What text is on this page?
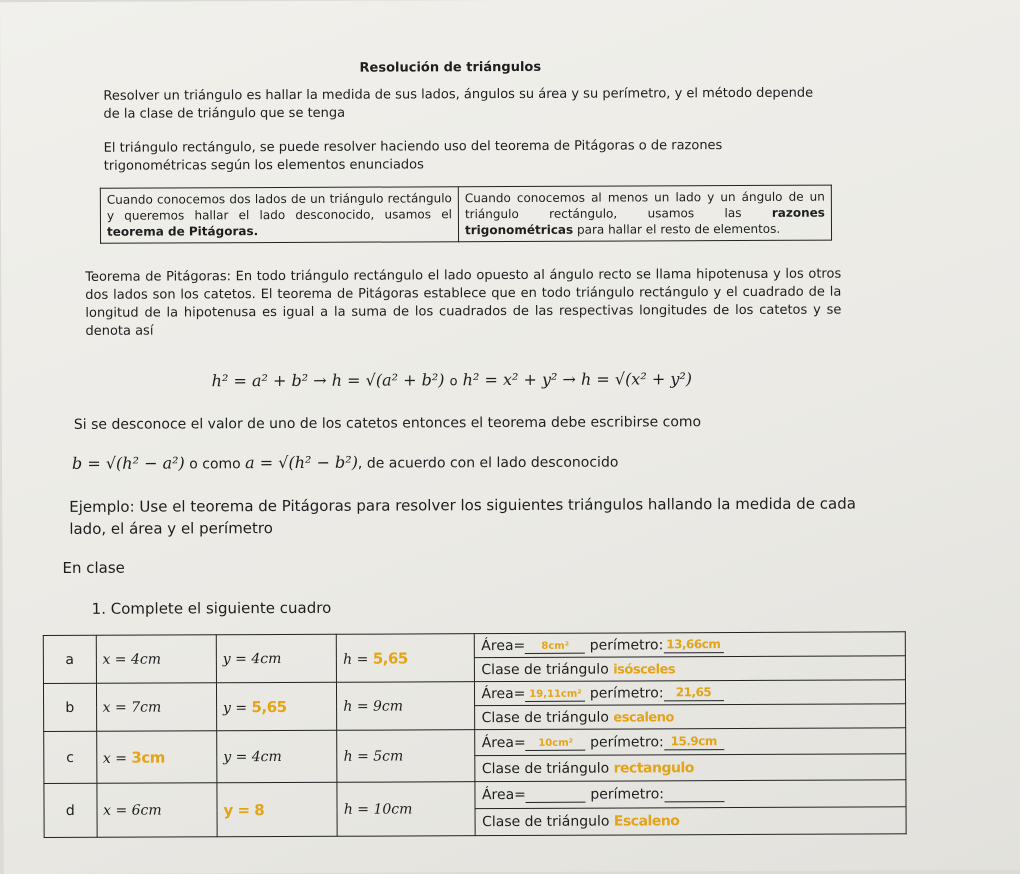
Resolución de triángulos
Resolver un triángulo es hallar la medida de sus lados, ángulos su área y su perímetro, y el método depende de la clase de triángulo que se tenga
El triángulo rectángulo, se puede resolver haciendo uso del teorema de Pitágoras o de razones trigonométricas según los elementos enunciados
Cuando conocemos dos lados de un triángulo rectángulo y queremos hallar el lado desconocido, usamos el teorema de Pitágoras.	Cuando conocemos al menos un lado y un ángulo de un triángulo rectángulo, usamos las razones trigonométricas para hallar el resto de elementos.
Teorema de Pitágoras: En todo triángulo rectángulo el lado opuesto al ángulo recto se llama hipotenusa y los otros dos lados son los catetos. El teorema de Pitágoras establece que en todo triángulo rectángulo y el cuadrado de la longitud de la hipotenusa es igual a la suma de los cuadrados de las respectivas longitudes de los catetos y se denota así
h² = a² + b² → h = √(a² + b²) o h² = x² + y² → h = √(x² + y²)
Si se desconoce el valor de uno de los catetos entonces el teorema debe escribirse como
b = √(h² − a²) o como a = √(h² − b²), de acuerdo con el lado desconocido
Ejemplo: Use el teorema de Pitágoras para resolver los siguientes triángulos hallando la medida de cada lado, el área y el perímetro
En clase
1. Complete el siguiente cuadro
a	x = 4cm	y = 4cm	h = 5,65	Área= 8cm² perímetro: 13,66cm
				Clase de triángulo isósceles
b	x = 7cm	y = 5,65	h = 9cm	Área= 19,11cm² perímetro: 21,65
				Clase de triángulo escaleno
c	x = 3cm	y = 4cm	h = 5cm	Área= 10cm² perímetro: 15.9cm
				Clase de triángulo rectangulo
d	x = 6cm	y = 8	h = 10cm	Área= perímetro:
				Clase de triángulo Escaleno
